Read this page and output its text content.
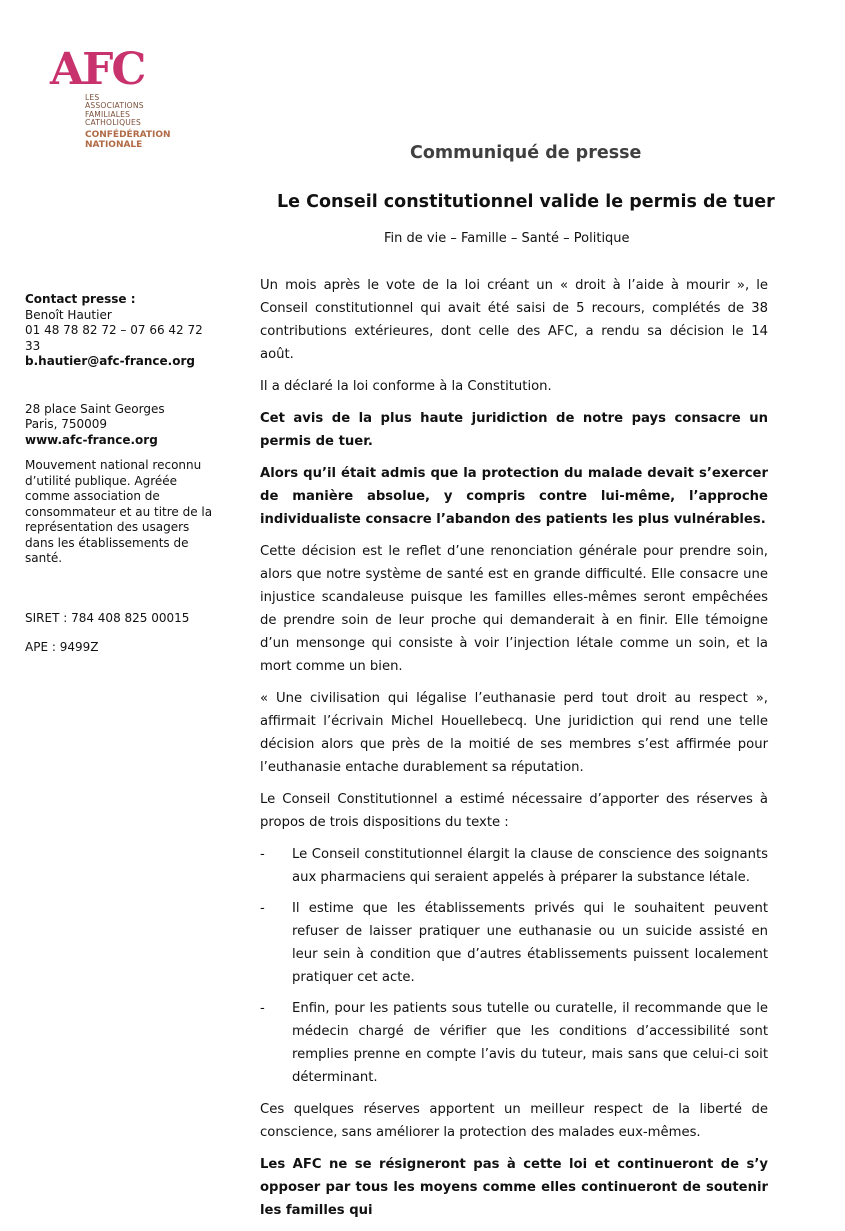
AFC
LES
ASSOCIATIONS
FAMILIALES
CATHOLIQUES
CONFÉDÉRATION
NATIONALE
Contact presse :
Benoît Hautier
01 48 78 82 72 – 07 66 42 72 33
b.hautier@afc-france.org
28 place Saint Georges
Paris, 750009
www.afc-france.org
Mouvement national reconnu d’utilité publique. Agréée comme association de consommateur et au titre de la représentation des usagers dans les établissements de santé.
SIRET : 784 408 825 00015
APE : 9499Z
Communiqué de presse
Le Conseil constitutionnel valide le permis de tuer
Fin de vie – Famille – Santé – Politique

Un mois après le vote de la loi créant un « droit à l’aide à mourir », le Conseil constitutionnel qui avait été saisi de 5 recours, complétés de 38 contributions extérieures, dont celle des AFC, a rendu sa décision le 14 août.

Il a déclaré la loi conforme à la Constitution.

Cet avis de la plus haute juridiction de notre pays consacre un permis de tuer.

Alors qu’il était admis que la protection du malade devait s’exercer de manière absolue, y compris contre lui-même, l’approche individualiste consacre l’abandon des patients les plus vulnérables.

Cette décision est le reflet d’une renonciation générale pour prendre soin, alors que notre système de santé est en grande difficulté. Elle consacre une injustice scandaleuse puisque les familles elles-mêmes seront empêchées de prendre soin de leur proche qui demanderait à en finir. Elle témoigne d’un mensonge qui consiste à voir l’injection létale comme un soin, et la mort comme un bien.

« Une civilisation qui légalise l’euthanasie perd tout droit au respect », affirmait l’écrivain Michel Houellebecq. Une juridiction qui rend une telle décision alors que près de la moitié de ses membres s’est affirmée pour l’euthanasie entache durablement sa réputation.

Le Conseil Constitutionnel a estimé nécessaire d’apporter des réserves à propos de trois dispositions du texte :

- Le Conseil constitutionnel élargit la clause de conscience des soignants aux pharmaciens qui seraient appelés à préparer la substance létale.
- Il estime que les établissements privés qui le souhaitent peuvent refuser de laisser pratiquer une euthanasie ou un suicide assisté en leur sein à condition que d’autres établissements puissent localement pratiquer cet acte.
- Enfin, pour les patients sous tutelle ou curatelle, il recommande que le médecin chargé de vérifier que les conditions d’accessibilité sont remplies prenne en compte l’avis du tuteur, mais sans que celui-ci soit déterminant.

Ces quelques réserves apportent un meilleur respect de la liberté de conscience, sans améliorer la protection des malades eux-mêmes.

Les AFC ne se résigneront pas à cette loi et continueront de s’y opposer par tous les moyens comme elles continueront de soutenir les familles qui
